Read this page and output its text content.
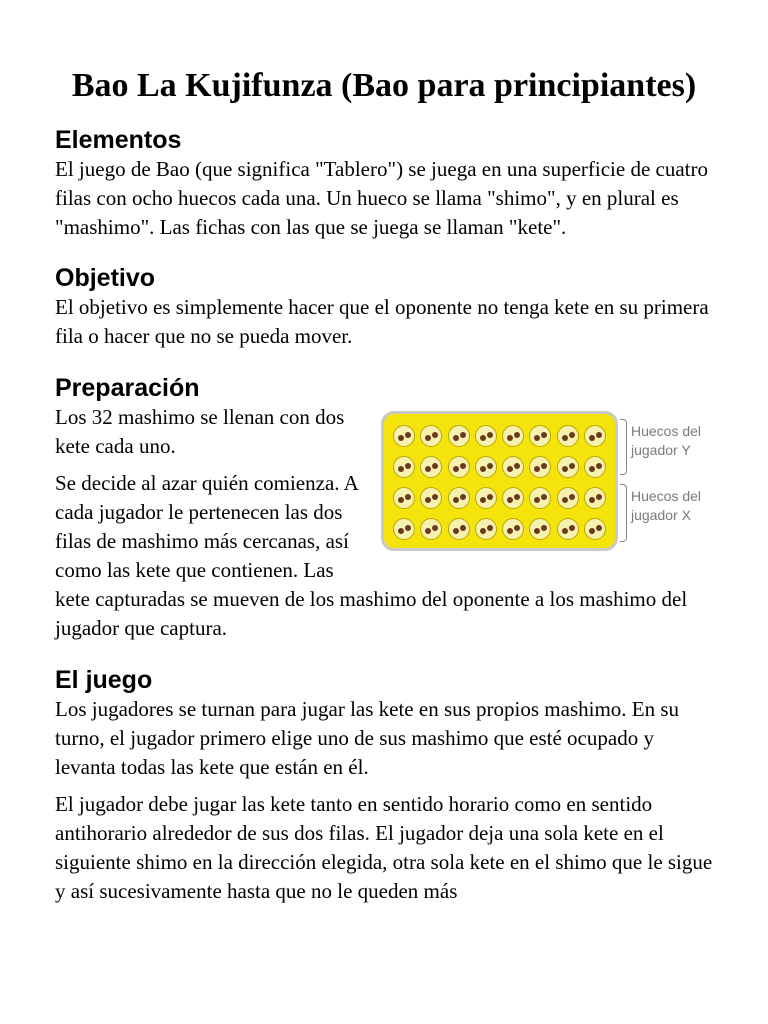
Bao La Kujifunza (Bao para principiantes)
Elementos

El juego de Bao (que significa "Tablero") se juega en una superficie de cuatro filas con ocho huecos cada una. Un hueco se llama "shimo", y en plural es "mashimo". Las fichas con las que se juega se llaman "kete".

Objetivo

El objetivo es simplemente hacer que el oponente no tenga kete en su primera fila o hacer que no se pueda mover.

Preparación
Huecos del jugador Y
Huecos del jugador X

Los 32 mashimo se llenan con dos kete cada uno.

Se decide al azar quién comienza. A cada jugador le pertenecen las dos filas de mashimo más cercanas, así como las kete que contienen. Las kete capturadas se mueven de los mashimo del oponente a los mashimo del jugador que captura.

El juego

Los jugadores se turnan para jugar las kete en sus propios mashimo. En su turno, el jugador primero elige uno de sus mashimo que esté ocupado y levanta todas las kete que están en él.

El jugador debe jugar las kete tanto en sentido horario como en sentido antihorario alrededor de sus dos filas. El jugador deja una sola kete en el siguiente shimo en la dirección elegida, otra sola kete en el shimo que le sigue y así sucesivamente hasta que no le queden más
